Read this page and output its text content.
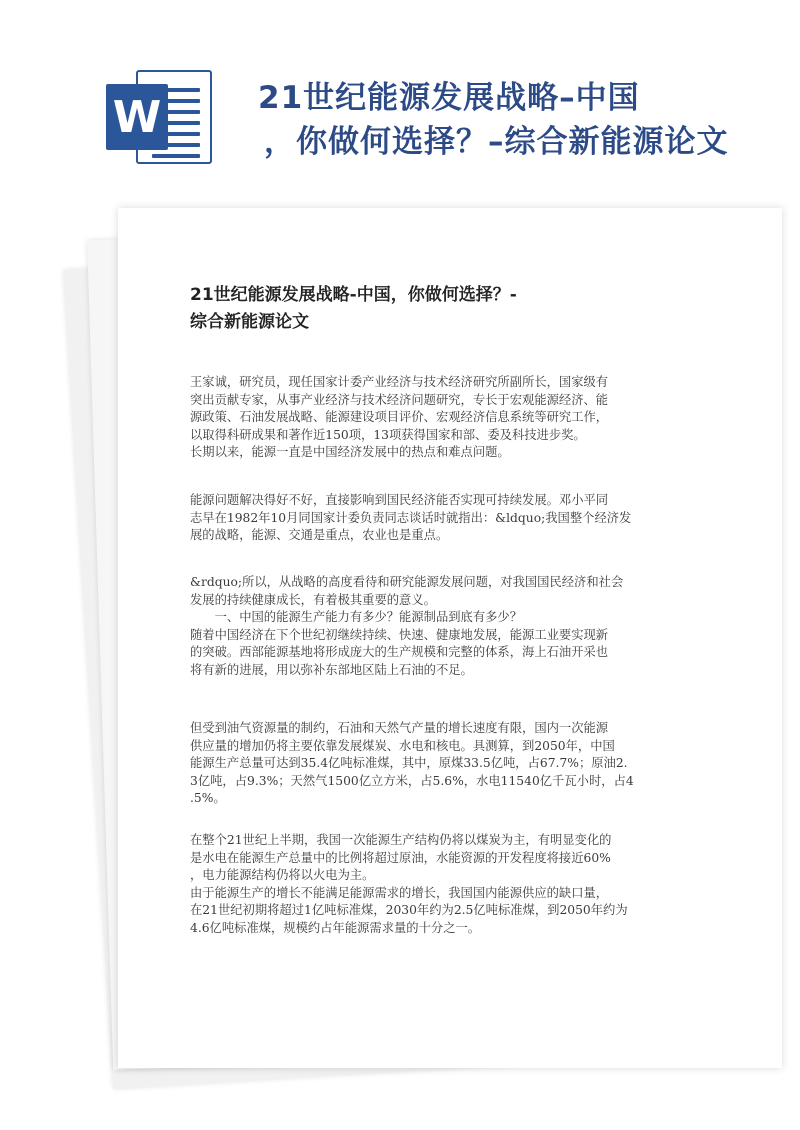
W	21世纪能源发展战略–中国
，你做何选择？–综合新能源论文
21世纪能源发展战略-中国，你做何选择？-
综合新能源论文

王家诚，研究员，现任国家计委产业经济与技术经济研究所副所长，国家级有

突出贡献专家，从事产业经济与技术经济问题研究，专长于宏观能源经济、能

源政策、石油发展战略、能源建设项目评价、宏观经济信息系统等研究工作，

以取得科研成果和著作近150项，13项获得国家和部、委及科技进步奖。

长期以来，能源一直是中国经济发展中的热点和难点问题。

能源问题解决得好不好，直接影响到国民经济能否实现可持续发展。邓小平同

志早在1982年10月同国家计委负责同志谈话时就指出：&ldquo;我国整个经济发

展的战略，能源、交通是重点，农业也是重点。

&rdquo;所以，从战略的高度看待和研究能源发展问题，对我国国民经济和社会

发展的持续健康成长，有着极其重要的意义。

一、中国的能源生产能力有多少？能源制品到底有多少？

随着中国经济在下个世纪初继续持续、快速、健康地发展，能源工业要实现新

的突破。西部能源基地将形成庞大的生产规模和完整的体系，海上石油开采也

将有新的进展，用以弥补东部地区陆上石油的不足。

但受到油气资源量的制约，石油和天然气产量的增长速度有限，国内一次能源

供应量的增加仍将主要依靠发展煤炭、水电和核电。具测算，到2050年，中国

能源生产总量可达到35.4亿吨标准煤，其中，原煤33.5亿吨，占67.7%；原油2.

3亿吨，占9.3%；天然气1500亿立方米，占5.6%，水电11540亿千瓦小时，占4

.5%。

在整个21世纪上半期，我国一次能源生产结构仍将以煤炭为主，有明显变化的

是水电在能源生产总量中的比例将超过原油，水能资源的开发程度将接近60%

，电力能源结构仍将以火电为主。

由于能源生产的增长不能满足能源需求的增长，我国国内能源供应的缺口量，

在21世纪初期将超过1亿吨标准煤，2030年约为2.5亿吨标准煤，到2050年约为

4.6亿吨标准煤，规模约占年能源需求量的十分之一。
